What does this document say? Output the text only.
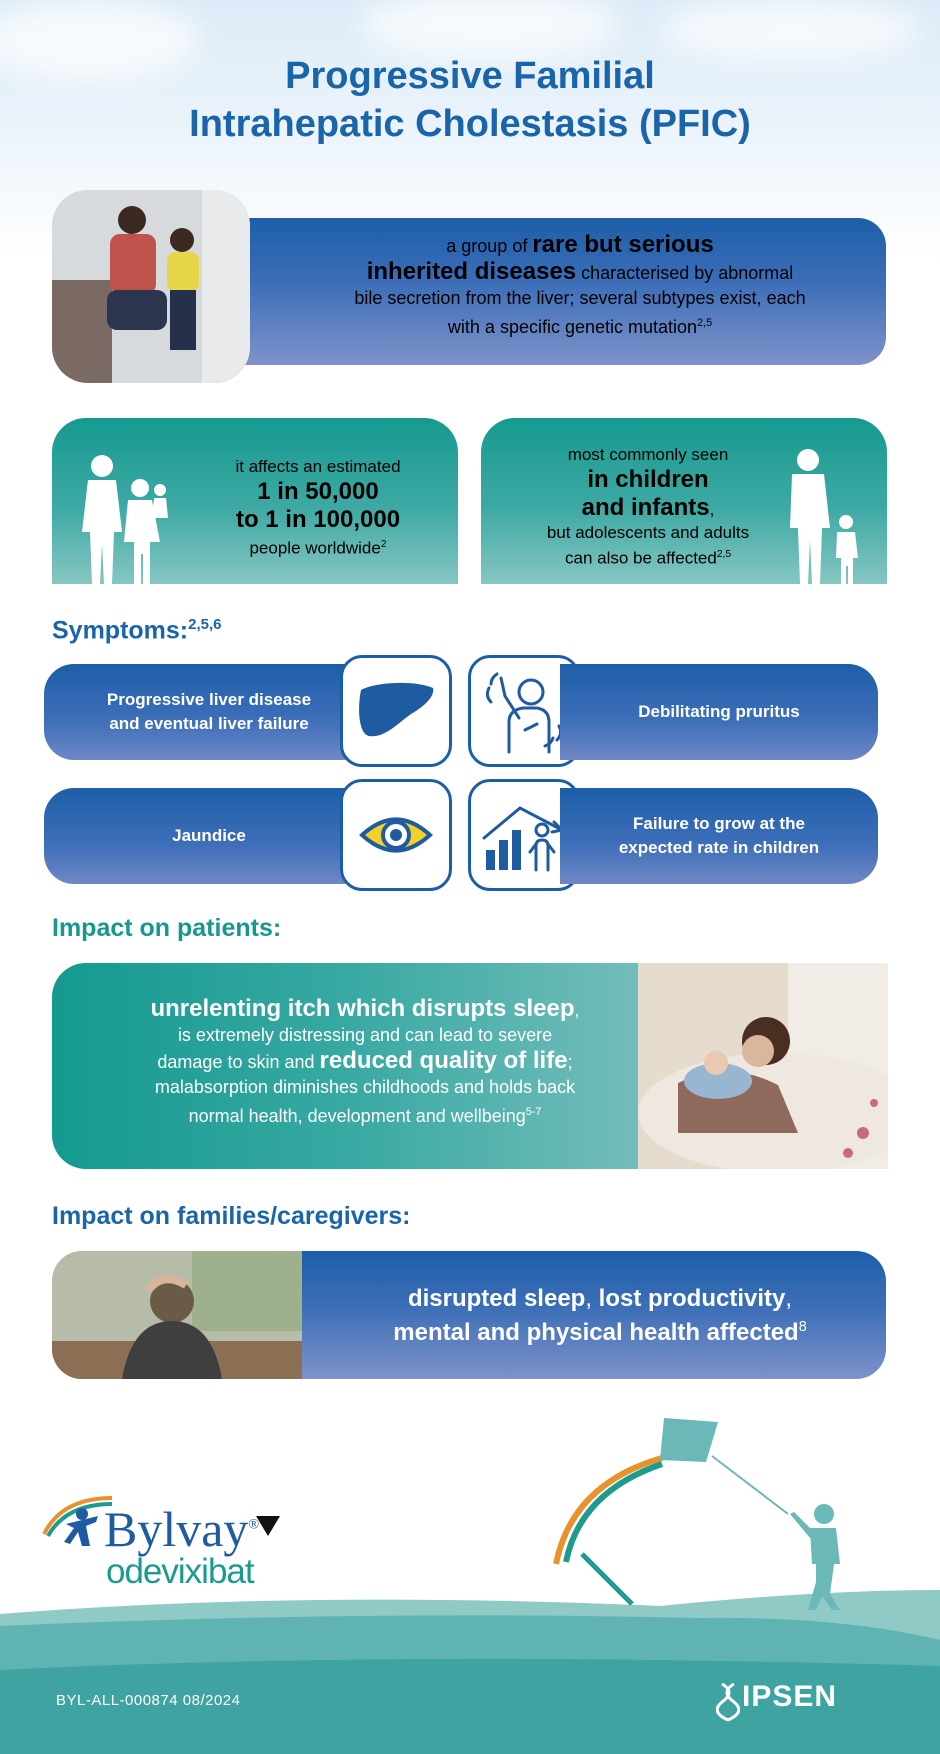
Progressive Familial
Intrahepatic Cholestasis (PFIC)
a group of rare but serious
inherited diseases characterised by abnormal
bile secretion from the liver; several subtypes exist, each
with a specific genetic mutation$^{2,5}$
it affects an estimated
1 in 50,000
to 1 in 100,000
people worldwide$^2$
most commonly seen
in children
and infants,
but adolescents and adults
can also be affected$^{2,5}$
Symptoms:$^{2,5,6}$
Progressive liver disease
and eventual liver failure
Debilitating pruritus
Jaundice
Failure to grow at the
expected rate in children
Impact on patients:
unrelenting itch which disrupts sleep,
is extremely distressing and can lead to severe
damage to skin and reduced quality of life;
malabsorption diminishes childhoods and holds back
normal health, development and wellbeing$^{5-7}$
Impact on families/caregivers:
disrupted sleep, lost productivity,
mental and physical health affected$^8$
Bylvay®
odevixibat
BYL-ALL-000874 08/2024	IPSEN
